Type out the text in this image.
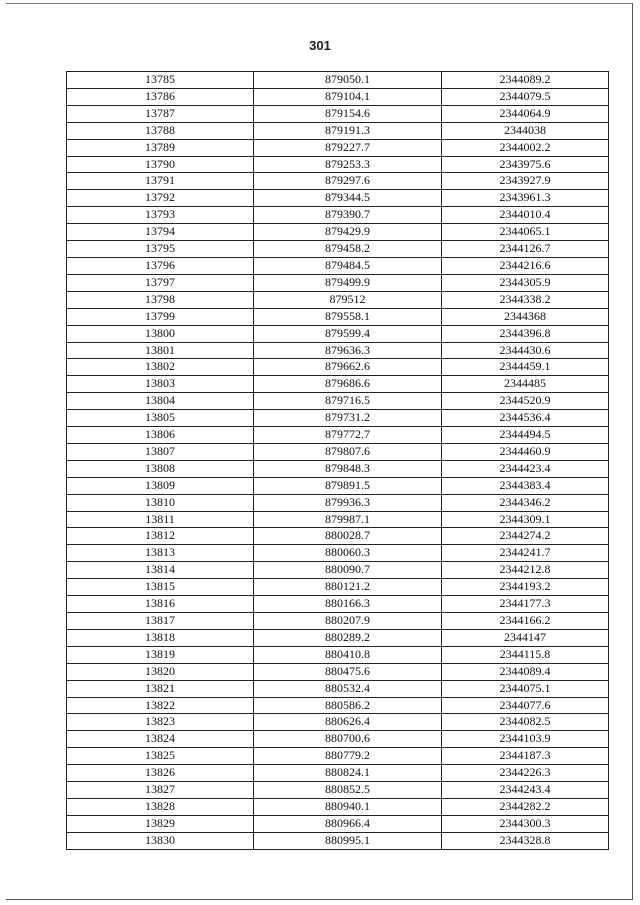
301
13785	879050.1	2344089.2
13786	879104.1	2344079.5
13787	879154.6	2344064.9
13788	879191.3	2344038
13789	879227.7	2344002.2
13790	879253.3	2343975.6
13791	879297.6	2343927.9
13792	879344.5	2343961.3
13793	879390.7	2344010.4
13794	879429.9	2344065.1
13795	879458.2	2344126.7
13796	879484.5	2344216.6
13797	879499.9	2344305.9
13798	879512	2344338.2
13799	879558.1	2344368
13800	879599.4	2344396.8
13801	879636.3	2344430.6
13802	879662.6	2344459.1
13803	879686.6	2344485
13804	879716.5	2344520.9
13805	879731.2	2344536.4
13806	879772.7	2344494.5
13807	879807.6	2344460.9
13808	879848.3	2344423.4
13809	879891.5	2344383.4
13810	879936.3	2344346.2
13811	879987.1	2344309.1
13812	880028.7	2344274.2
13813	880060.3	2344241.7
13814	880090.7	2344212.8
13815	880121.2	2344193.2
13816	880166.3	2344177.3
13817	880207.9	2344166.2
13818	880289.2	2344147
13819	880410.8	2344115.8
13820	880475.6	2344089.4
13821	880532.4	2344075.1
13822	880586.2	2344077.6
13823	880626.4	2344082.5
13824	880700.6	2344103.9
13825	880779.2	2344187.3
13826	880824.1	2344226.3
13827	880852.5	2344243.4
13828	880940.1	2344282.2
13829	880966.4	2344300.3
13830	880995.1	2344328.8
